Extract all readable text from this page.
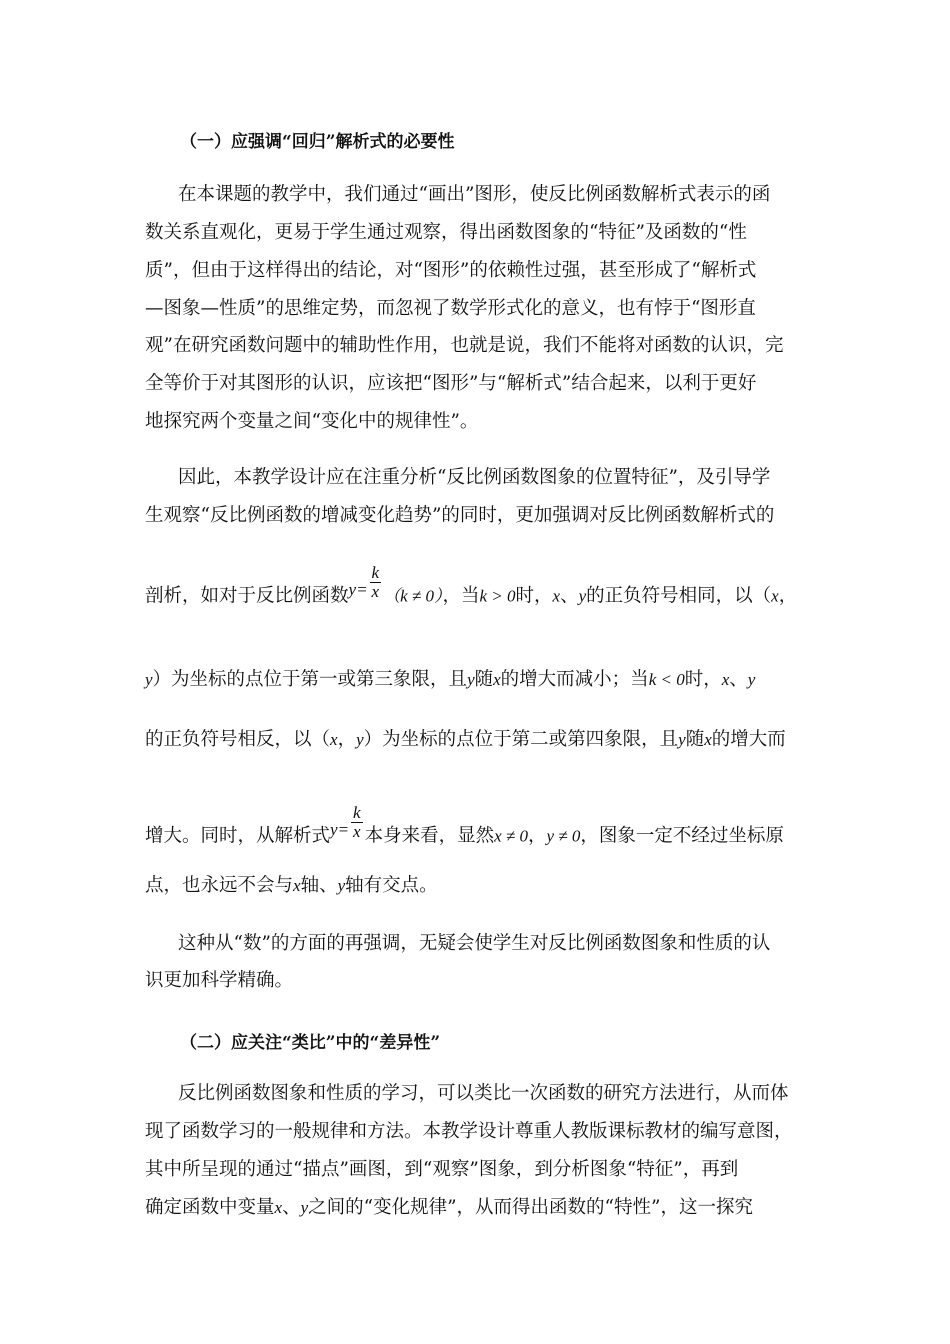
（一）应强调“回归”解析式的必要性
在本课题的教学中，我们通过“画出”图形，使反比例函数解析式表示的函
数关系直观化，更易于学生通过观察，得出函数图象的“特征”及函数的“性
质”，但由于这样得出的结论，对“图形”的依赖性过强，甚至形成了“解析式
—图象—性质”的思维定势，而忽视了数学形式化的意义，也有悖于“图形直
观”在研究函数问题中的辅助性作用，也就是说，我们不能将对函数的认识，完
全等价于对其图形的认识，应该把“图形”与“解析式”结合起来，以利于更好
地探究两个变量之间“变化中的规律性”。
因此，本教学设计应在注重分析“反比例函数图象的位置特征”，及引导学
生观察“反比例函数的增减变化趋势”的同时，更加强调对反比例函数解析式的
剖析，如对于反比例函数$y= \frac{k}{x} (k \ne 0)$，当k > 0时，x、y的正负符号相同，以（x，
y）为坐标的点位于第一或第三象限，且y随x的增大而减小；当k < 0时，x、y
的正负符号相反，以（x，y）为坐标的点位于第二或第四象限，且y随x的增大而
增大。同时，从解析式$y= \frac{k}{x}$ 本身来看，显然x ≠ 0，y ≠ 0，图象一定不经过坐标原
点，也永远不会与x轴、y轴有交点。
这种从“数”的方面的再强调，无疑会使学生对反比例函数图象和性质的认
识更加科学精确。
（二）应关注“类比”中的“差异性”
反比例函数图象和性质的学习，可以类比一次函数的研究方法进行，从而体
现了函数学习的一般规律和方法。本教学设计尊重人教版课标教材的编写意图，
其中所呈现的通过“描点”画图，到“观察”图象，到分析图象“特征”，再到
确定函数中变量x、y之间的“变化规律”，从而得出函数的“特性”，这一探究
